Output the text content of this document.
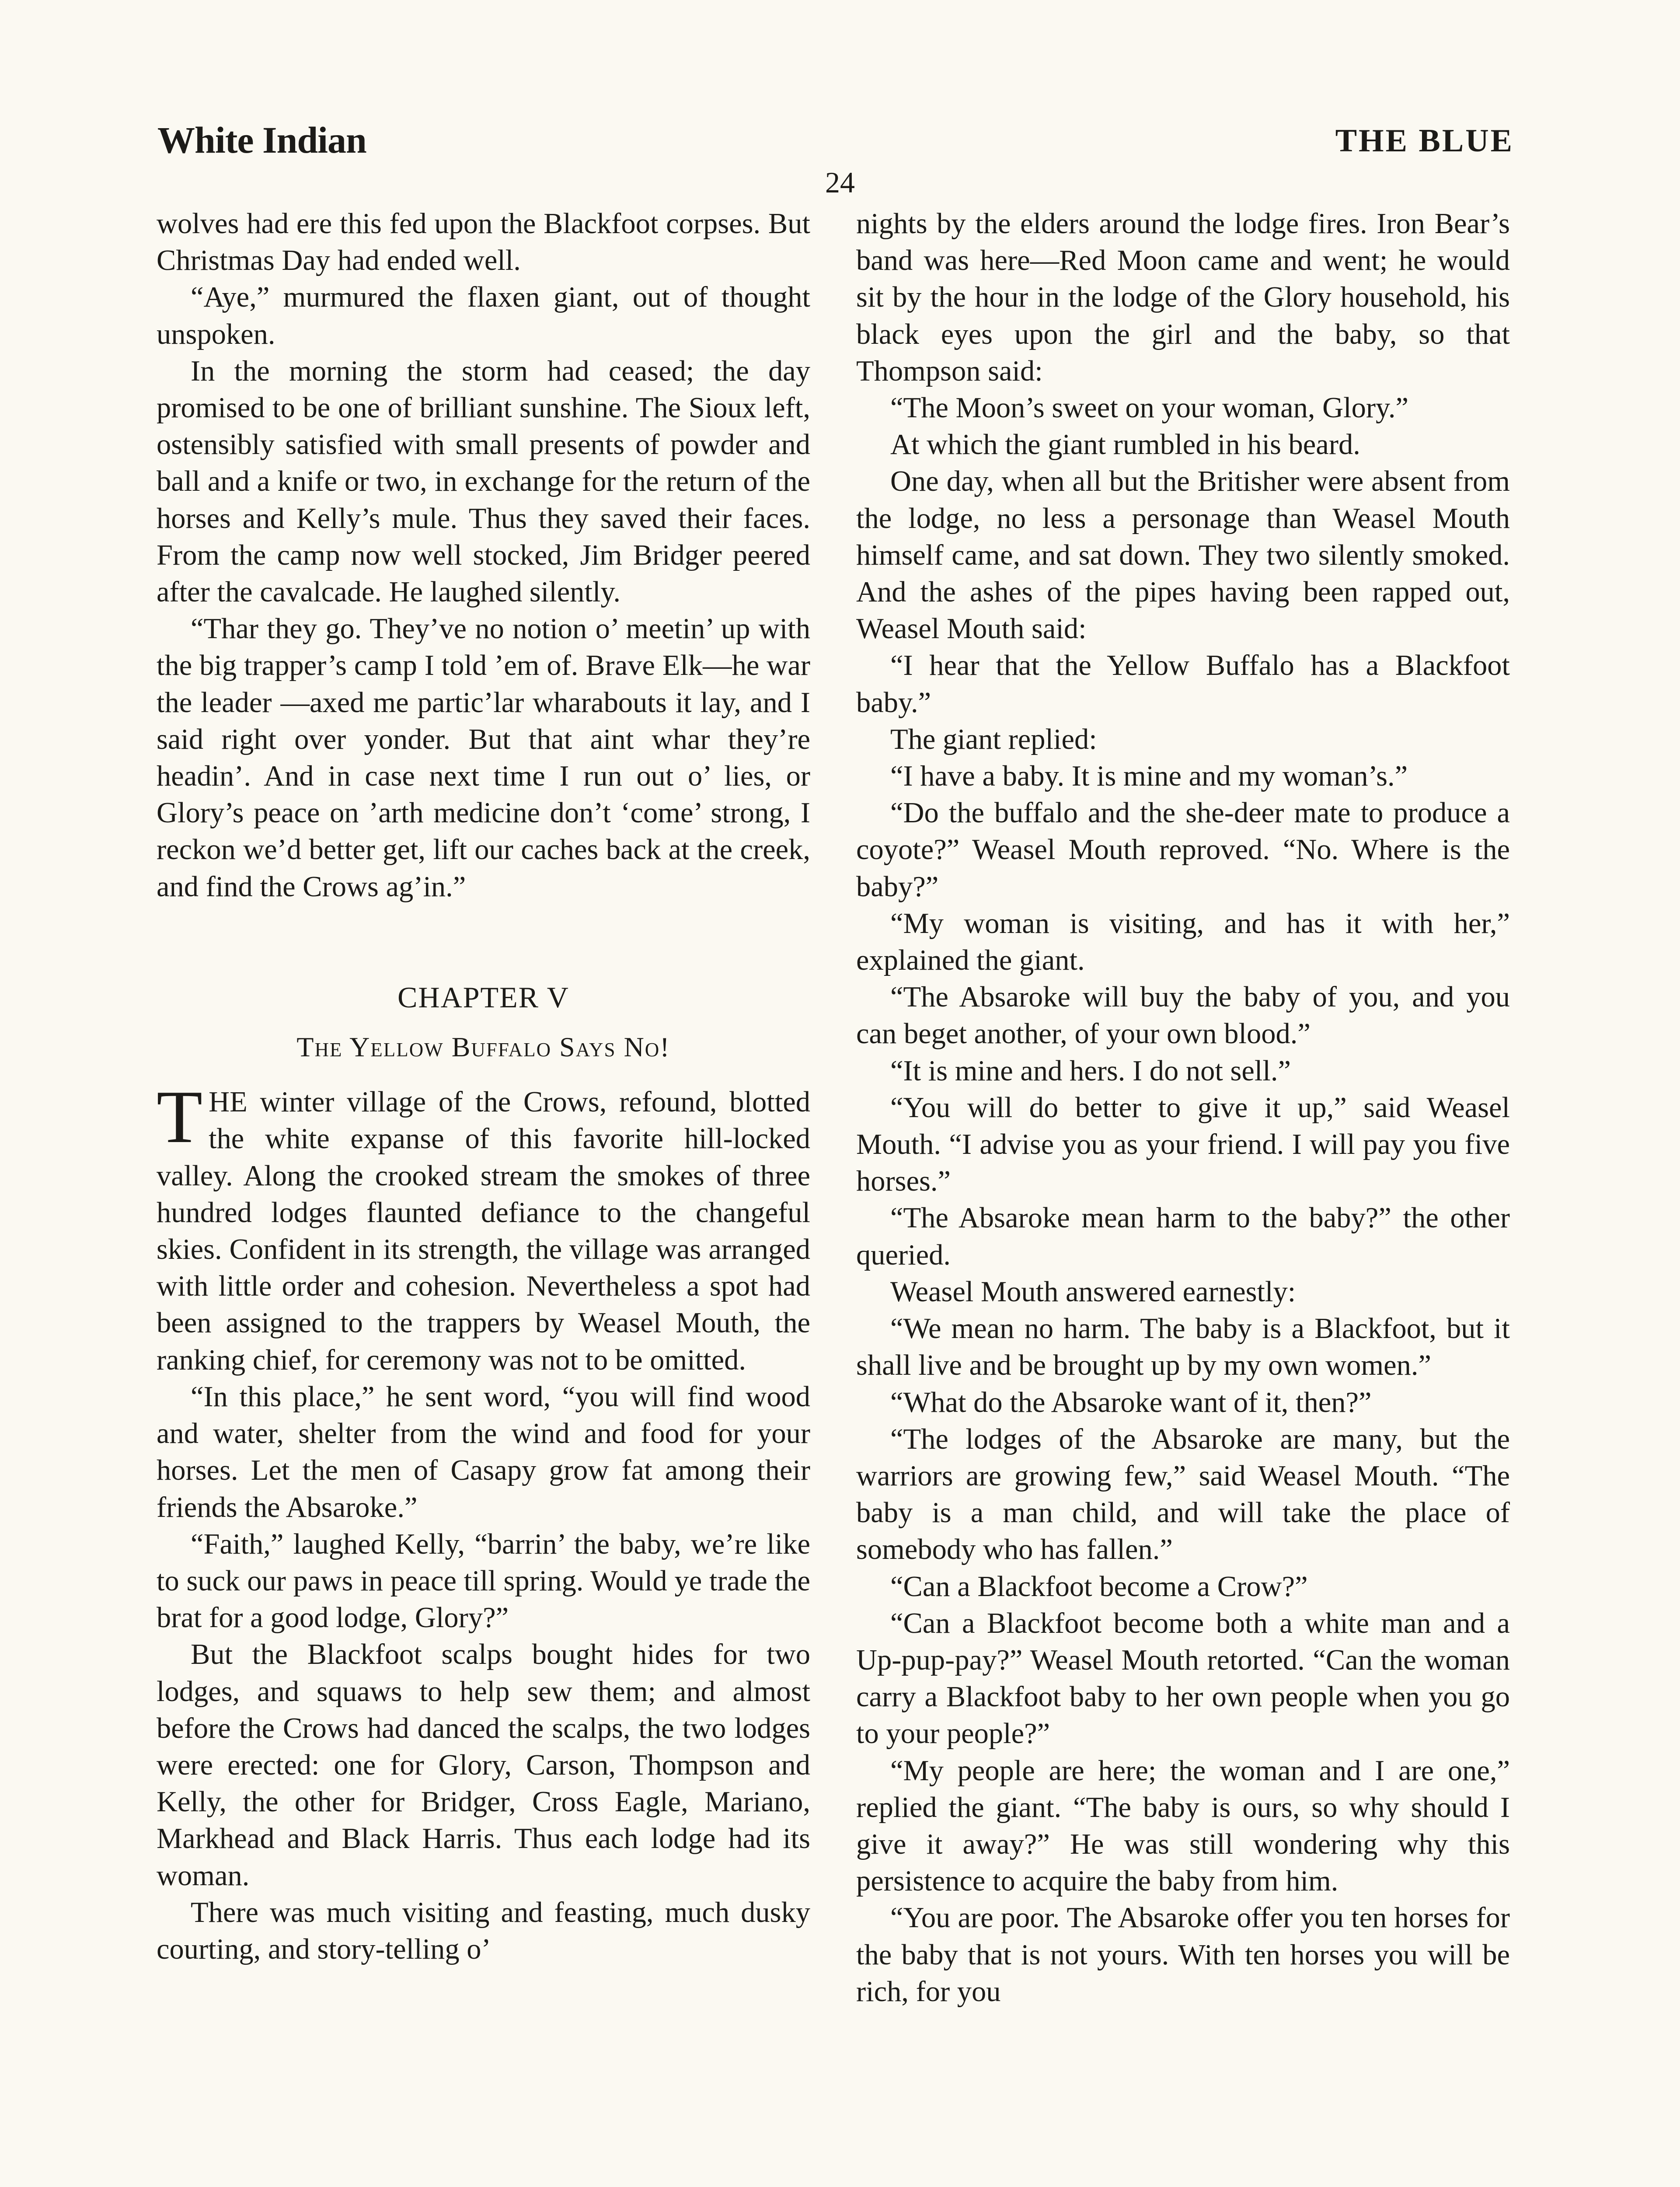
White Indian	THE BLUE
24

wolves had ere this fed upon the Blackfoot corpses. But Christmas Day had ended well.

“Aye,” murmured the flaxen giant, out of thought unspoken.

In the morning the storm had ceased; the day promised to be one of brilliant sunshine. The Sioux left, ostensibly satisfied with small presents of powder and ball and a knife or two, in exchange for the return of the horses and Kelly’s mule. Thus they saved their faces. From the camp now well stocked, Jim Bridger peered after the cavalcade. He laughed silently.

“Thar they go. They’ve no notion o’ meetin’ up with the big trapper’s camp I told ’em of. Brave Elk—he war the leader —axed me partic’lar wharabouts it lay, and I said right over yonder. But that aint whar they’re headin’. And in case next time I run out o’ lies, or Glory’s peace on ’arth medicine don’t ‘come’ strong, I reckon we’d better get, lift our caches back at the creek, and find the Crows ag’in.”

CHAPTER V

The Yellow Buffalo Says No!

THE winter village of the Crows, refound, blotted the white expanse of this favorite hill-locked valley. Along the crooked stream the smokes of three hundred lodges flaunted defiance to the changeful skies. Confident in its strength, the village was arranged with little order and cohesion. Nevertheless a spot had been assigned to the trappers by Weasel Mouth, the ranking chief, for ceremony was not to be omitted.

“In this place,” he sent word, “you will find wood and water, shelter from the wind and food for your horses. Let the men of Casapy grow fat among their friends the Absaroke.”

“Faith,” laughed Kelly, “barrin’ the baby, we’re like to suck our paws in peace till spring. Would ye trade the brat for a good lodge, Glory?”

But the Blackfoot scalps bought hides for two lodges, and squaws to help sew them; and almost before the Crows had danced the scalps, the two lodges were erected: one for Glory, Carson, Thompson and Kelly, the other for Bridger, Cross Eagle, Mariano, Markhead and Black Harris. Thus each lodge had its woman.

There was much visiting and feasting, much dusky courting, and story-telling o’

nights by the elders around the lodge fires. Iron Bear’s band was here—Red Moon came and went; he would sit by the hour in the lodge of the Glory household, his black eyes upon the girl and the baby, so that Thompson said:

“The Moon’s sweet on your woman, Glory.”

At which the giant rumbled in his beard.

One day, when all but the Britisher were absent from the lodge, no less a personage than Weasel Mouth himself came, and sat down. They two silently smoked. And the ashes of the pipes having been rapped out, Weasel Mouth said:

“I hear that the Yellow Buffalo has a Blackfoot baby.”

The giant replied:

“I have a baby. It is mine and my woman’s.”

“Do the buffalo and the she-deer mate to produce a coyote?” Weasel Mouth reproved. “No. Where is the baby?”

“My woman is visiting, and has it with her,” explained the giant.

“The Absaroke will buy the baby of you, and you can beget another, of your own blood.”

“It is mine and hers. I do not sell.”

“You will do better to give it up,” said Weasel Mouth. “I advise you as your friend. I will pay you five horses.”

“The Absaroke mean harm to the baby?” the other queried.

Weasel Mouth answered earnestly:

“We mean no harm. The baby is a Blackfoot, but it shall live and be brought up by my own women.”

“What do the Absaroke want of it, then?”

“The lodges of the Absaroke are many, but the warriors are growing few,” said Weasel Mouth. “The baby is a man child, and will take the place of somebody who has fallen.”

“Can a Blackfoot become a Crow?”

“Can a Blackfoot become both a white man and a Up-pup-pay?” Weasel Mouth retorted. “Can the woman carry a Blackfoot baby to her own people when you go to your people?”

“My people are here; the woman and I are one,” replied the giant. “The baby is ours, so why should I give it away?” He was still wondering why this persistence to acquire the baby from him.

“You are poor. The Absaroke offer you ten horses for the baby that is not yours. With ten horses you will be rich, for you
